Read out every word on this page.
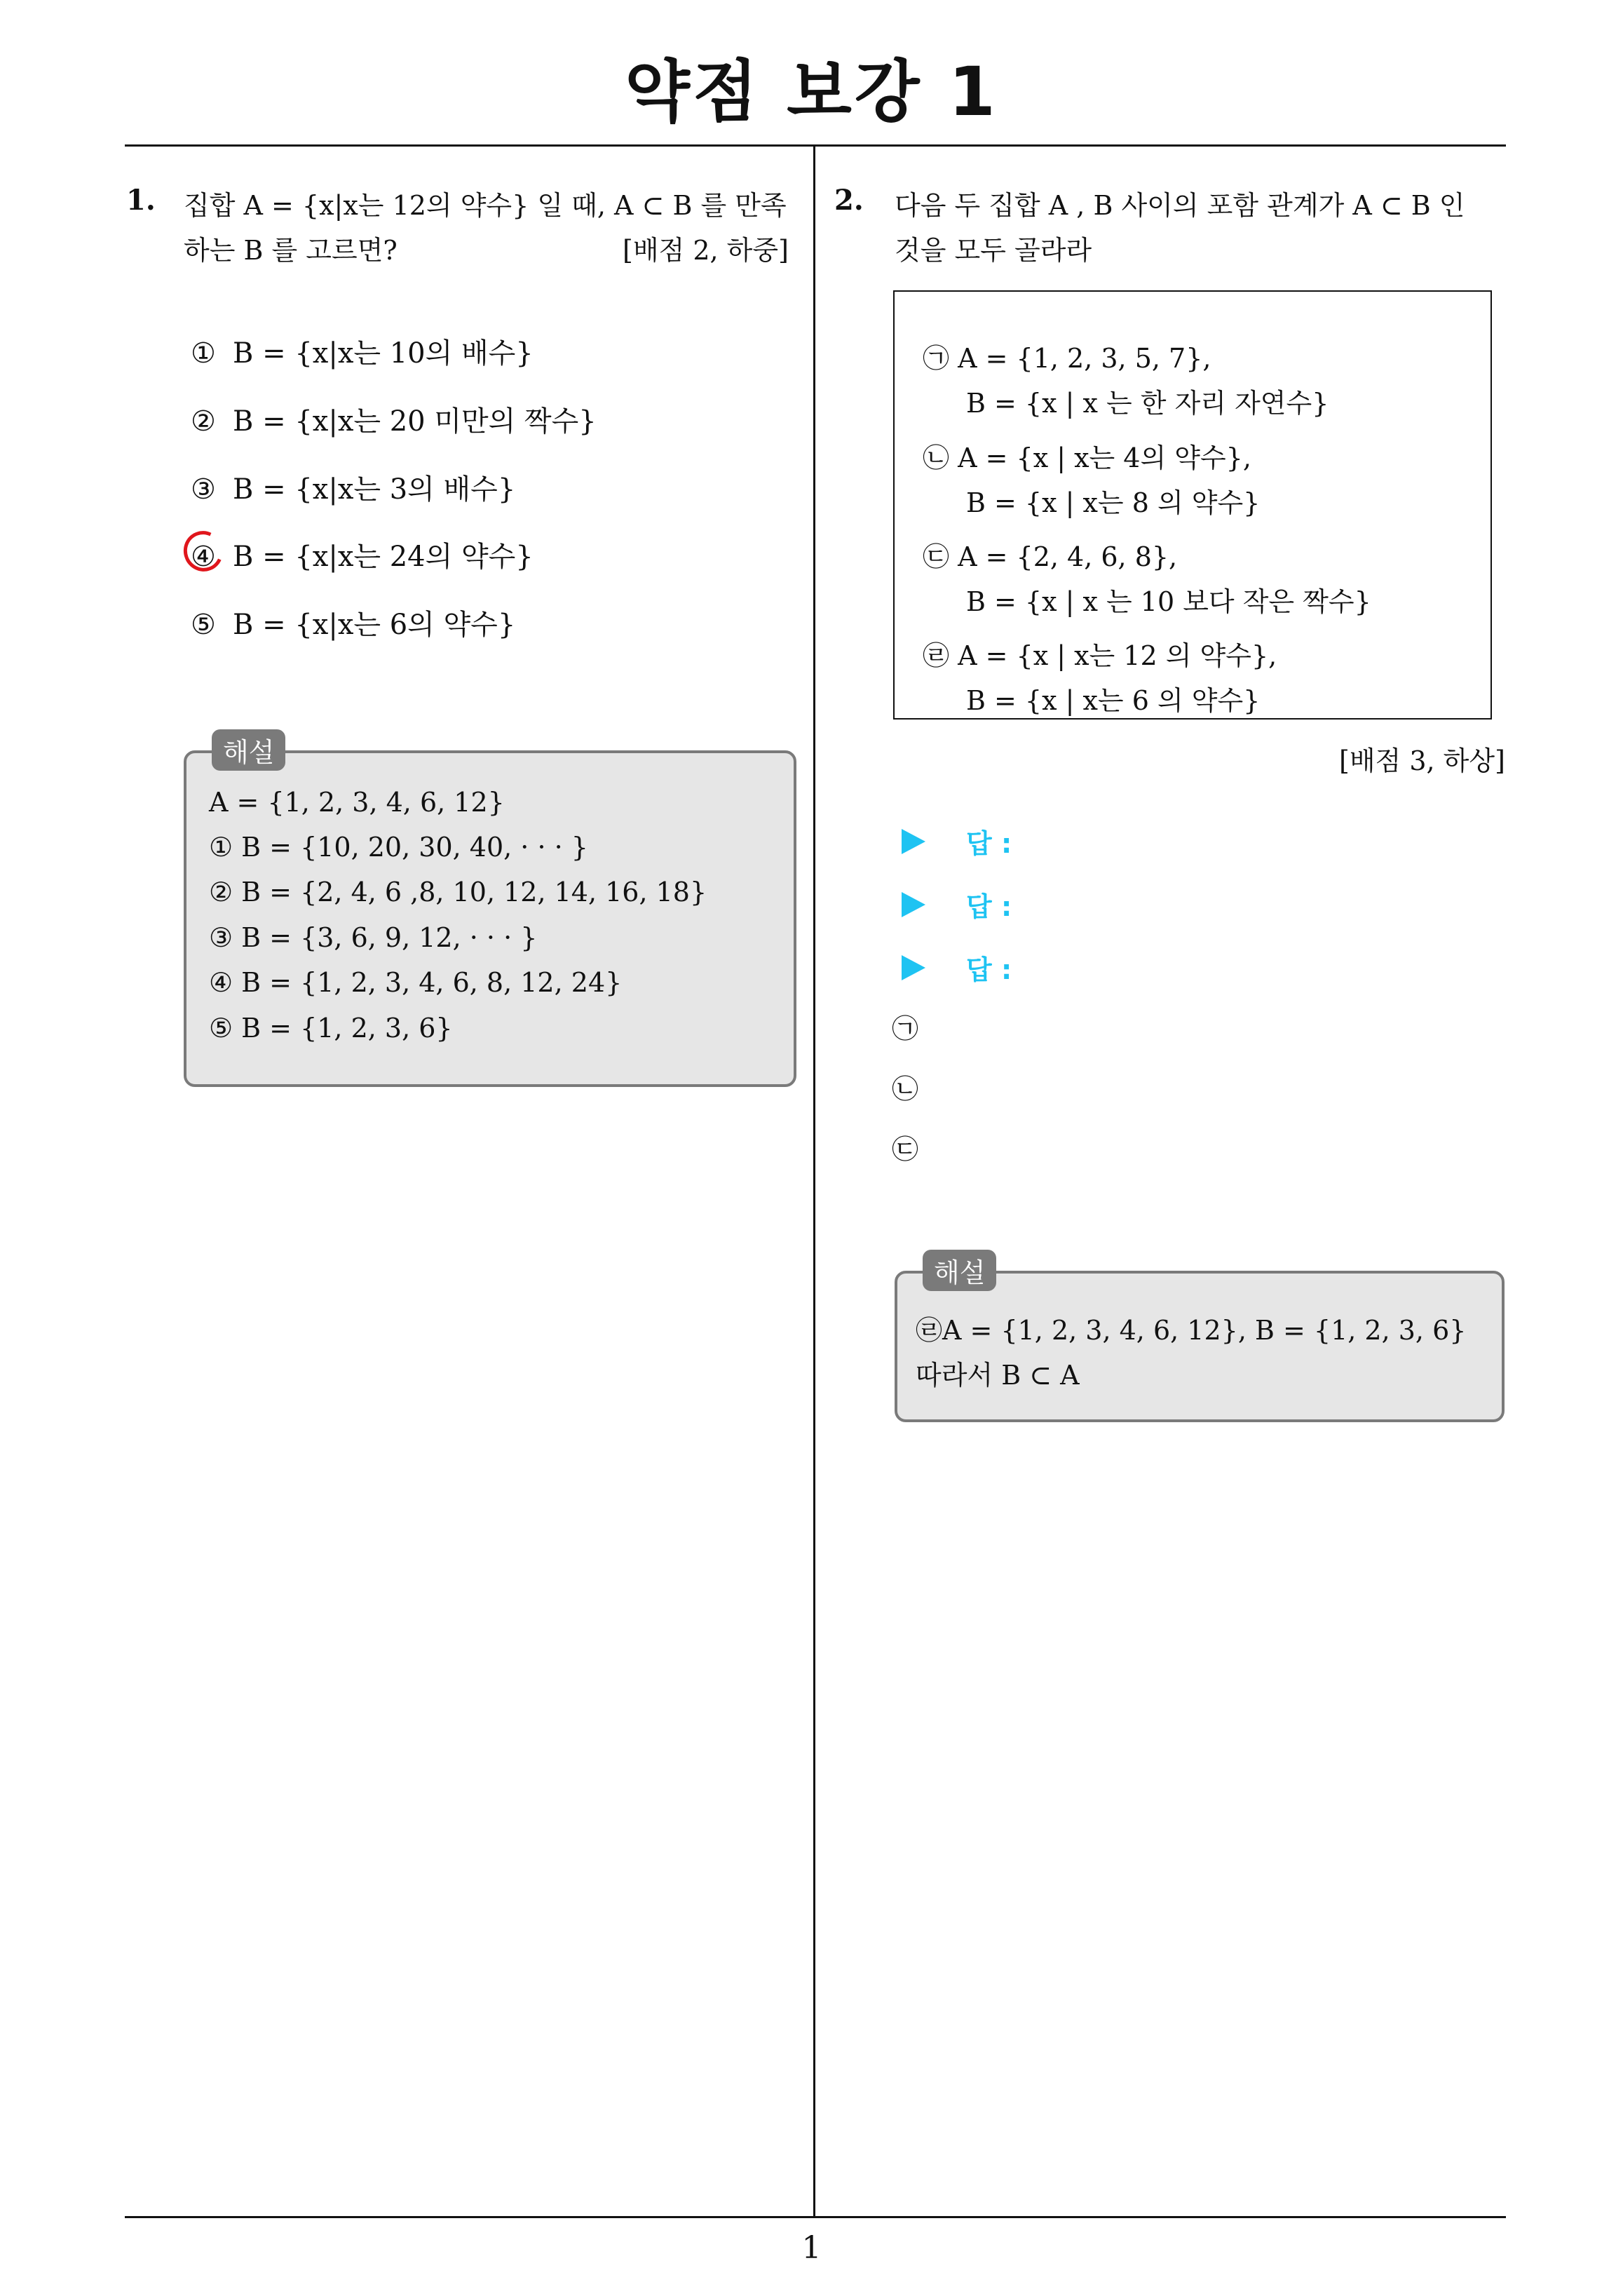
약점 보강 1
1. 집합 A = {x|x는 12의 약수} 일 때, A ⊂ B 를 만족
하는 B 를 고르면?	[배점 2, 하중]
① B = {x|x는 10의 배수}
② B = {x|x는 20 미만의 짝수}
③ B = {x|x는 3의 배수}
④ B = {x|x는 24의 약수}
⑤ B = {x|x는 6의 약수}
해설
A = {1, 2, 3, 4, 6, 12}
① B = {10, 20, 30, 40, · · · }
② B = {2, 4, 6 ,8, 10, 12, 14, 16, 18}
③ B = {3, 6, 9, 12, · · · }
④ B = {1, 2, 3, 4, 6, 8, 12, 24}
⑤ B = {1, 2, 3, 6}
2. 다음 두 집합 A , B 사이의 포함 관계가 A ⊂ B 인
것을 모두 골라라
㉠ A = {1, 2, 3, 5, 7},
B = {x | x 는 한 자리 자연수}
㉡ A = {x | x는 4의 약수},
B = {x | x는 8 의 약수}
㉢ A = {2, 4, 6, 8},
B = {x | x 는 10 보다 작은 짝수}
㉣ A = {x | x는 12 의 약수},
B = {x | x는 6 의 약수}
[배점 3, 하상]
답 :
답 :
답 :
㉠
㉡
㉢
해설
㉣A = {1, 2, 3, 4, 6, 12}, B = {1, 2, 3, 6}
따라서 B ⊂ A
1
